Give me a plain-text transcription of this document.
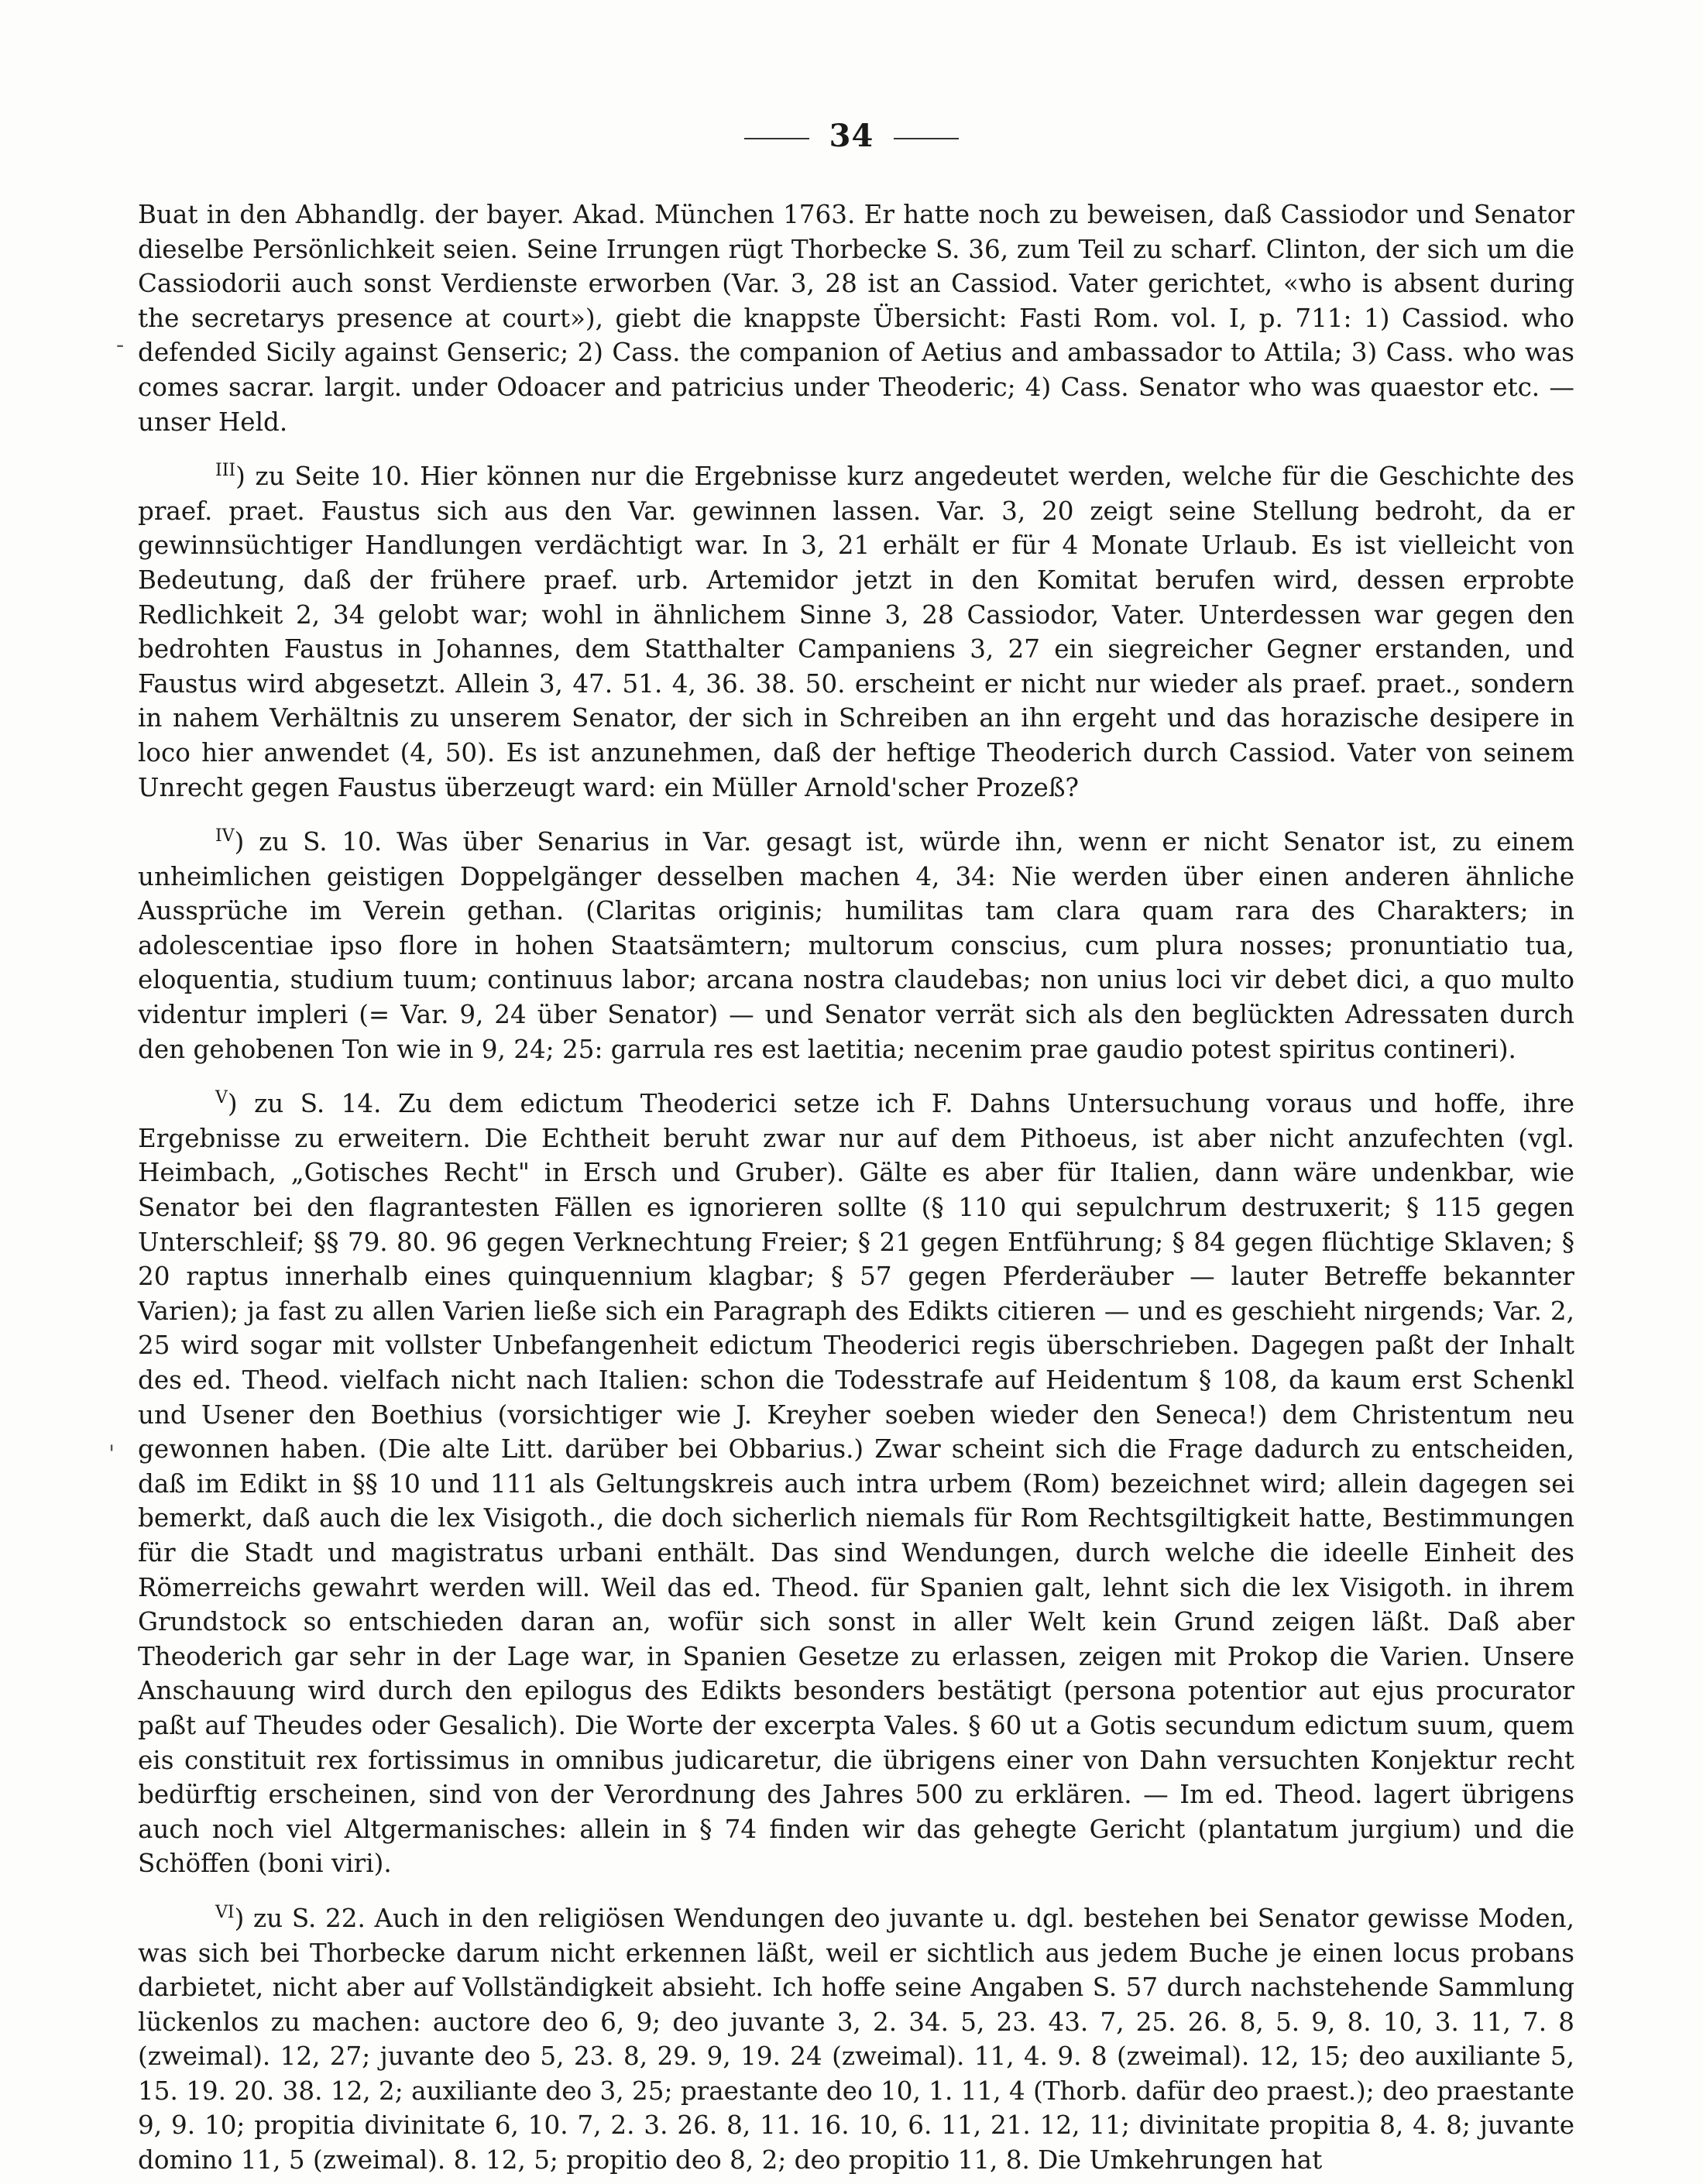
34
-
'

Buat in den Abhandlg. der bayer. Akad. München 1763. Er hatte noch zu beweisen, daß Cassiodor und Senator dieselbe Persönlichkeit seien. Seine Irrungen rügt Thorbecke S. 36, zum Teil zu scharf. Clinton, der sich um die Cassiodorii auch sonst Verdienste erworben (Var. 3, 28 ist an Cassiod. Vater gerichtet, «who is absent during the secretarys presence at court»), giebt die knappste Übersicht: Fasti Rom. vol. I, p. 711: 1) Cassiod. who defended Sicily against Genseric; 2) Cass. the companion of Aetius and ambassador to Attila; 3) Cass. who was comes sacrar. largit. under Odoacer and patricius under Theoderic; 4) Cass. Senator who was quaestor etc. — unser Held.

$^{III}$) zu Seite 10. Hier können nur die Ergebnisse kurz angedeutet werden, welche für die Geschichte des praef. praet. Faustus sich aus den Var. gewinnen lassen. Var. 3, 20 zeigt seine Stellung bedroht, da er gewinnsüchtiger Handlungen verdächtigt war. In 3, 21 erhält er für 4 Monate Urlaub. Es ist vielleicht von Bedeutung, daß der frühere praef. urb. Artemidor jetzt in den Komitat berufen wird, dessen erprobte Redlichkeit 2, 34 gelobt war; wohl in ähnlichem Sinne 3, 28 Cassiodor, Vater. Unterdessen war gegen den bedrohten Faustus in Johannes, dem Statthalter Campaniens 3, 27 ein siegreicher Gegner erstanden, und Faustus wird abgesetzt. Allein 3, 47. 51. 4, 36. 38. 50. erscheint er nicht nur wieder als praef. praet., sondern in nahem Verhältnis zu unserem Senator, der sich in Schreiben an ihn ergeht und das horazische desipere in loco hier anwendet (4, 50). Es ist anzunehmen, daß der heftige Theoderich durch Cassiod. Vater von seinem Unrecht gegen Faustus überzeugt ward: ein Müller Arnold'scher Prozeß?

$^{IV}$) zu S. 10. Was über Senarius in Var. gesagt ist, würde ihn, wenn er nicht Senator ist, zu einem unheimlichen geistigen Doppelgänger desselben machen 4, 34: Nie werden über einen anderen ähnliche Aussprüche im Verein gethan. (Claritas originis; humilitas tam clara quam rara des Charakters; in adolescentiae ipso flore in hohen Staatsämtern; multorum conscius, cum plura nosses; pronuntiatio tua, eloquentia, studium tuum; continuus labor; arcana nostra claudebas; non unius loci vir debet dici, a quo multo videntur impleri (= Var. 9, 24 über Senator) — und Senator verrät sich als den beglückten Adressaten durch den gehobenen Ton wie in 9, 24; 25: garrula res est laetitia; necenim prae gaudio potest spiritus contineri).

$^V$) zu S. 14. Zu dem edictum Theoderici setze ich F. Dahns Untersuchung voraus und hoffe, ihre Ergebnisse zu erweitern. Die Echtheit beruht zwar nur auf dem Pithoeus, ist aber nicht anzufechten (vgl. Heimbach, „Gotisches Recht" in Ersch und Gruber). Gälte es aber für Italien, dann wäre undenkbar, wie Senator bei den flagrantesten Fällen es ignorieren sollte (§ 110 qui sepulchrum destruxerit; § 115 gegen Unterschleif; §§ 79. 80. 96 gegen Verknechtung Freier; § 21 gegen Entführung; § 84 gegen flüchtige Sklaven; § 20 raptus innerhalb eines quinquennium klagbar; § 57 gegen Pferderäuber — lauter Betreffe bekannter Varien); ja fast zu allen Varien ließe sich ein Paragraph des Edikts citieren — und es geschieht nirgends; Var. 2, 25 wird sogar mit vollster Unbefangenheit edictum Theoderici regis überschrieben. Dagegen paßt der Inhalt des ed. Theod. vielfach nicht nach Italien: schon die Todesstrafe auf Heidentum § 108, da kaum erst Schenkl und Usener den Boethius (vorsichtiger wie J. Kreyher soeben wieder den Seneca!) dem Christentum neu gewonnen haben. (Die alte Litt. darüber bei Obbarius.) Zwar scheint sich die Frage dadurch zu entscheiden, daß im Edikt in §§ 10 und 111 als Geltungskreis auch intra urbem (Rom) bezeichnet wird; allein dagegen sei bemerkt, daß auch die lex Visigoth., die doch sicherlich niemals für Rom Rechtsgiltigkeit hatte, Bestimmungen für die Stadt und magistratus urbani enthält. Das sind Wendungen, durch welche die ideelle Einheit des Römerreichs gewahrt werden will. Weil das ed. Theod. für Spanien galt, lehnt sich die lex Visigoth. in ihrem Grundstock so entschieden daran an, wofür sich sonst in aller Welt kein Grund zeigen läßt. Daß aber Theoderich gar sehr in der Lage war, in Spanien Gesetze zu erlassen, zeigen mit Prokop die Varien. Unsere Anschauung wird durch den epilogus des Edikts besonders bestätigt (persona potentior aut ejus procurator paßt auf Theudes oder Gesalich). Die Worte der excerpta Vales. § 60 ut a Gotis secundum edictum suum, quem eis constituit rex fortissimus in omnibus judicaretur, die übrigens einer von Dahn versuchten Konjektur recht bedürftig erscheinen, sind von der Verordnung des Jahres 500 zu erklären. — Im ed. Theod. lagert übrigens auch noch viel Altgermanisches: allein in § 74 finden wir das gehegte Gericht (plantatum jurgium) und die Schöffen (boni viri).

$^{VI}$) zu S. 22. Auch in den religiösen Wendungen deo juvante u. dgl. bestehen bei Senator gewisse Moden, was sich bei Thorbecke darum nicht erkennen läßt, weil er sichtlich aus jedem Buche je einen locus probans darbietet, nicht aber auf Vollständigkeit absieht. Ich hoffe seine Angaben S. 57 durch nachstehende Sammlung lückenlos zu machen: auctore deo 6, 9; deo juvante 3, 2. 34. 5, 23. 43. 7, 25. 26. 8, 5. 9, 8. 10, 3. 11, 7. 8 (zweimal). 12, 27; juvante deo 5, 23. 8, 29. 9, 19. 24 (zweimal). 11, 4. 9. 8 (zweimal). 12, 15; deo auxiliante 5, 15. 19. 20. 38. 12, 2; auxiliante deo 3, 25; praestante deo 10, 1. 11, 4 (Thorb. dafür deo praest.); deo praestante 9, 9. 10; propitia divinitate 6, 10. 7, 2. 3. 26. 8, 11. 16. 10, 6. 11, 21. 12, 11; divinitate propitia 8, 4. 8; juvante domino 11, 5 (zweimal). 8. 12, 5; propitio deo 8, 2; deo propitio 11, 8. Die Umkehrungen hat
